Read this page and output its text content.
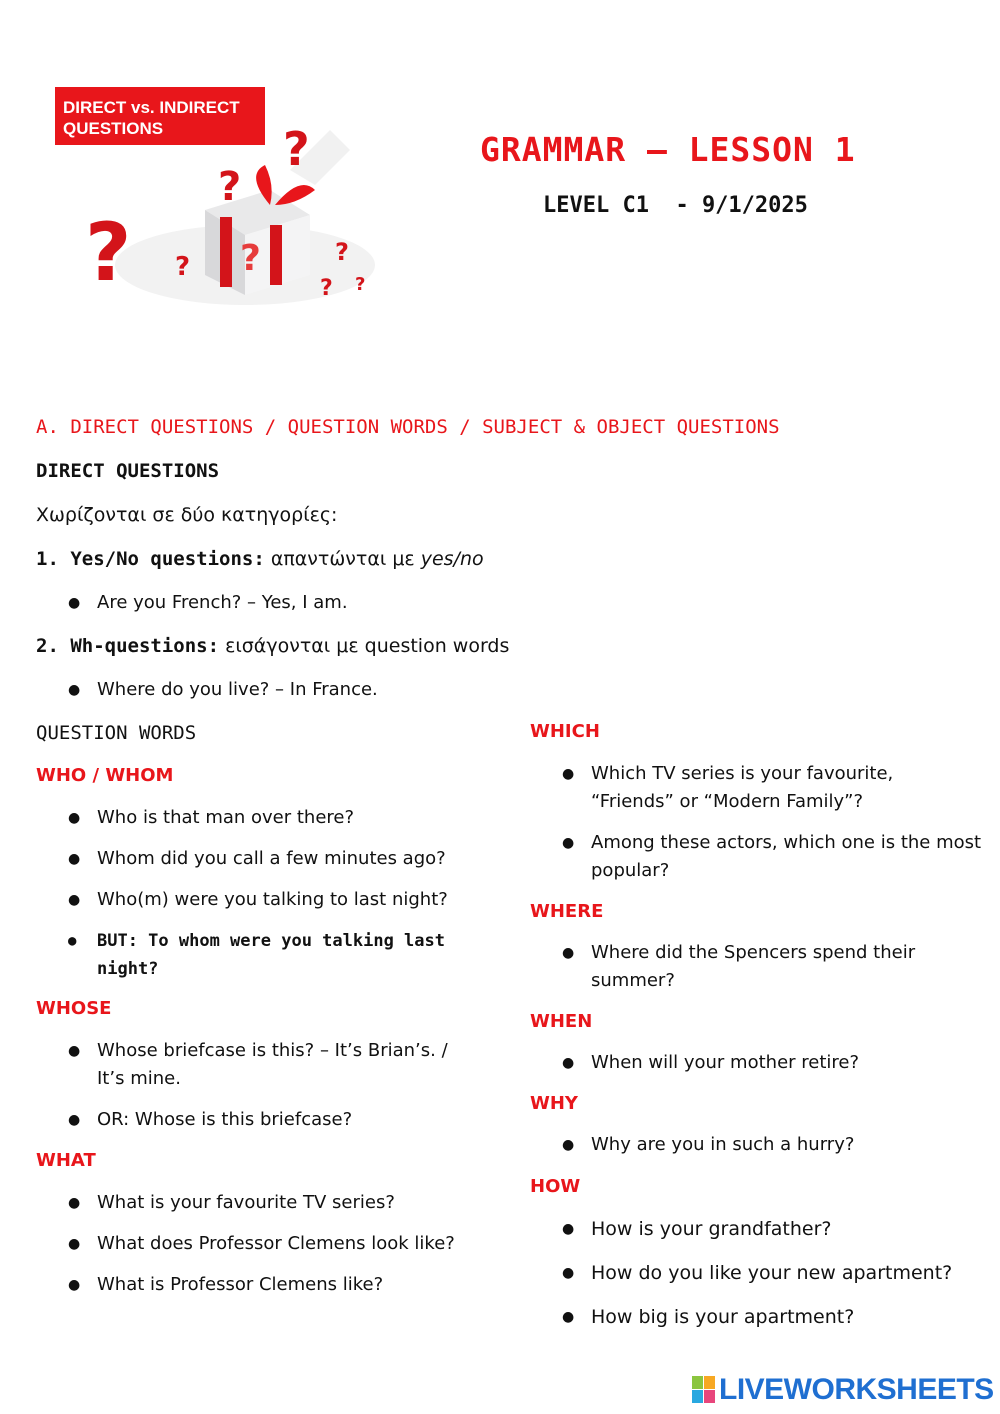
DIRECT vs. INDIRECT
QUESTIONS
?
?
?
?
?	?
? ?
GRAMMAR – LESSON 1
LEVEL C1  - 9/1/2025
A. DIRECT QUESTIONS / QUESTION WORDS / SUBJECT & OBJECT QUESTIONS
DIRECT QUESTIONS
Χωρίζονται σε δύο κατηγορίες:
1. Yes/No questions: απαντώνται με yes/no
● Are you French? – Yes, I am.
2. Wh-questions: εισάγονται με question words
● Where do you live? – In France.
QUESTION WORDS
WHO / WHOM
● Who is that man over there?
● Whom did you call a few minutes ago?
● Who(m) were you talking to last night?
● BUT: To whom were you talking last
night?
WHOSE
● Whose briefcase is this? – It’s Brian’s. /
It’s mine.
● OR: Whose is this briefcase?
WHAT
● What is your favourite TV series?
● What does Professor Clemens look like?
● What is Professor Clemens like?
WHICH
● Which TV series is your favourite,
“Friends” or “Modern Family”?
● Among these actors, which one is the most
popular?
WHERE
● Where did the Spencers spend their
summer?
WHEN
● When will your mother retire?
WHY
● Why are you in such a hurry?
HOW
● How is your grandfather?
● How do you like your new apartment?
● How big is your apartment?
LIVEWORKSHEETS
